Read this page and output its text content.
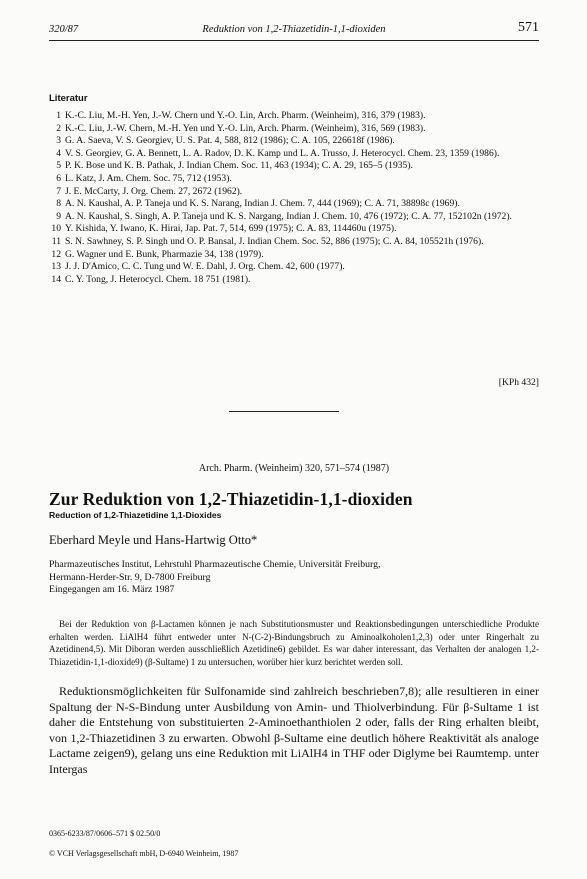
320/87	Reduktion von 1,2-Thiazetidin-1,1-dioxiden	571
Literatur
1 K.-C. Liu, M.-H. Yen, J.-W. Chern und Y.-O. Lin, Arch. Pharm. (Weinheim), 316, 379 (1983).
2 K.-C. Liu, J.-W. Chern, M.-H. Yen und Y.-O. Lin, Arch. Pharm. (Weinheim), 316, 569 (1983).
3 G. A. Saeva, V. S. Georgiev, U. S. Pat. 4, 588, 812 (1986); C. A. 105, 226618f (1986).
4 V. S. Georgiev, G. A. Bennett, L. A. Radov, D. K. Kamp und L. A. Trusso, J. Heterocycl. Chem. 23, 1359 (1986).
5 P. K. Bose und K. B. Pathak, J. Indian Chem. Soc. 11, 463 (1934); C. A. 29, 165–5 (1935).
6 L. Katz, J. Am. Chem. Soc. 75, 712 (1953).
7 J. E. McCarty, J. Org. Chem. 27, 2672 (1962).
8 A. N. Kaushal, A. P. Taneja und K. S. Narang, Indian J. Chem. 7, 444 (1969); C. A. 71, 38898c (1969).
9 A. N. Kaushal, S. Singh, A. P. Taneja und K. S. Nargang, Indian J. Chem. 10, 476 (1972); C. A. 77, 152102n (1972).
10 Y. Kishida, Y. Iwano, K. Hirai, Jap. Pat. 7, 514, 699 (1975); C. A. 83, 114460u (1975).
11 S. N. Sawhney, S. P. Singh und O. P. Bansal, J. Indian Chem. Soc. 52, 886 (1975); C. A. 84, 105521h (1976).
12 G. Wagner und E. Bunk, Pharmazie 34, 138 (1979).
13 J. J. D'Amico, C. C. Tung und W. E. Dahl, J. Org. Chem. 42, 600 (1977).
14 C. Y. Tong, J. Heterocycl. Chem. 18 751 (1981).
[KPh 432]
Arch. Pharm. (Weinheim) 320, 571–574 (1987)
Zur Reduktion von 1,2-Thiazetidin-1,1-dioxiden
Reduction of 1,2-Thiazetidine 1,1-Dioxides
Eberhard Meyle und Hans-Hartwig Otto*
Pharmazeutisches Institut, Lehrstuhl Pharmazeutische Chemie, Universität Freiburg,
Hermann-Herder-Str. 9, D-7800 Freiburg
Eingegangen am 16. März 1987
Bei der Reduktion von β-Lactamen können je nach Substitutionsmuster und Reaktionsbedingungen unterschiedliche Produkte erhalten werden. LiAlH4 führt entweder unter N-(C-2)-Bindungsbruch zu Aminoalkoholen1,2,3) oder unter Ringerhalt zu Azetidinen4,5). Mit Diboran werden ausschließlich Azetidine6) gebildet. Es war daher interessant, das Verhalten der analogen 1,2-Thiazetidin-1,1-dioxide9) (β-Sultame) 1 zu untersuchen, worüber hier kurz berichtet werden soll.
Reduktionsmöglichkeiten für Sulfonamide sind zahlreich beschrieben7,8); alle resultieren in einer Spaltung der N-S-Bindung unter Ausbildung von Amin- und Thiolverbindung. Für β-Sultame 1 ist daher die Entstehung von substituierten 2-Aminoethanthiolen 2 oder, falls der Ring erhalten bleibt, von 1,2-Thiazetidinen 3 zu erwarten. Obwohl β-Sultame eine deutlich höhere Reaktivität als analoge Lactame zeigen9), gelang uns eine Reduktion mit LiAlH4 in THF oder Diglyme bei Raumtemp. unter Intergas
0365-6233/87/0606–571 $ 02.50/0
© VCH Verlagsgesellschaft mbH, D-6940 Weinheim, 1987
